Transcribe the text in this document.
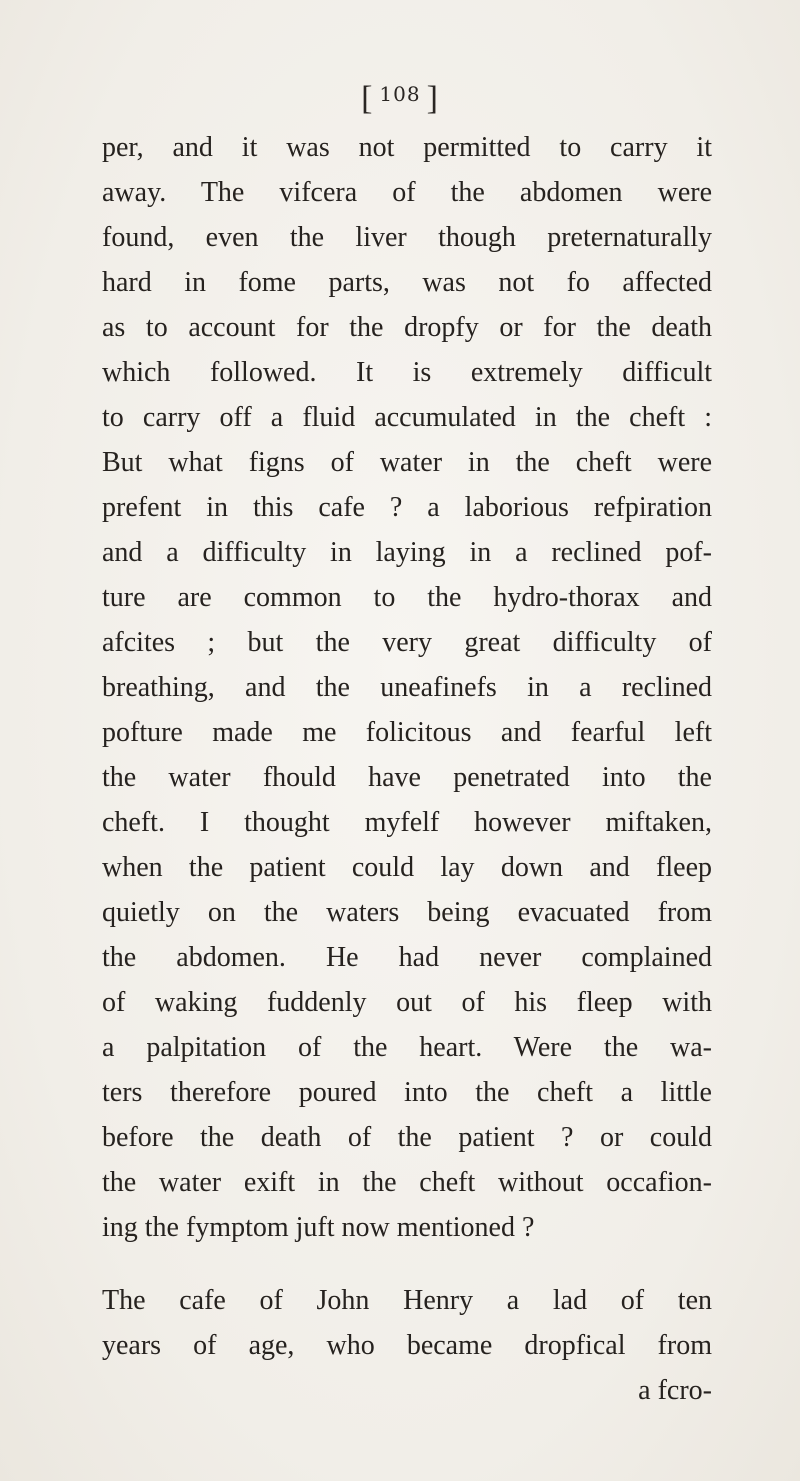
[ $^{108}$ ]
per, and it was not permitted to carry it
away. The vifcera of the abdomen were
found, even the liver though preternaturally
hard in fome parts, was not fo affected
as to account for the dropfy or for the death
which followed. It is extremely difficult
to carry off a fluid accumulated in the cheft :
But what figns of water in the cheft were
prefent in this cafe ? a laborious refpiration
and a difficulty in laying in a reclined pof-
ture are common to the hydro-thorax and
afcites ; but the very great difficulty of
breathing, and the uneafinefs in a reclined
pofture made me folicitous and fearful left
the water fhould have penetrated into the
cheft. I thought myfelf however miftaken,
when the patient could lay down and fleep
quietly on the waters being evacuated from
the abdomen. He had never complained
of waking fuddenly out of his fleep with
a palpitation of the heart. Were the wa-
ters therefore poured into the cheft a little
before the death of the patient ? or could
the water exift in the cheft without occafion-
ing the fymptom juft now mentioned ?
The cafe of John Henry a lad of ten
years of age, who became dropfical from
a fcro-
